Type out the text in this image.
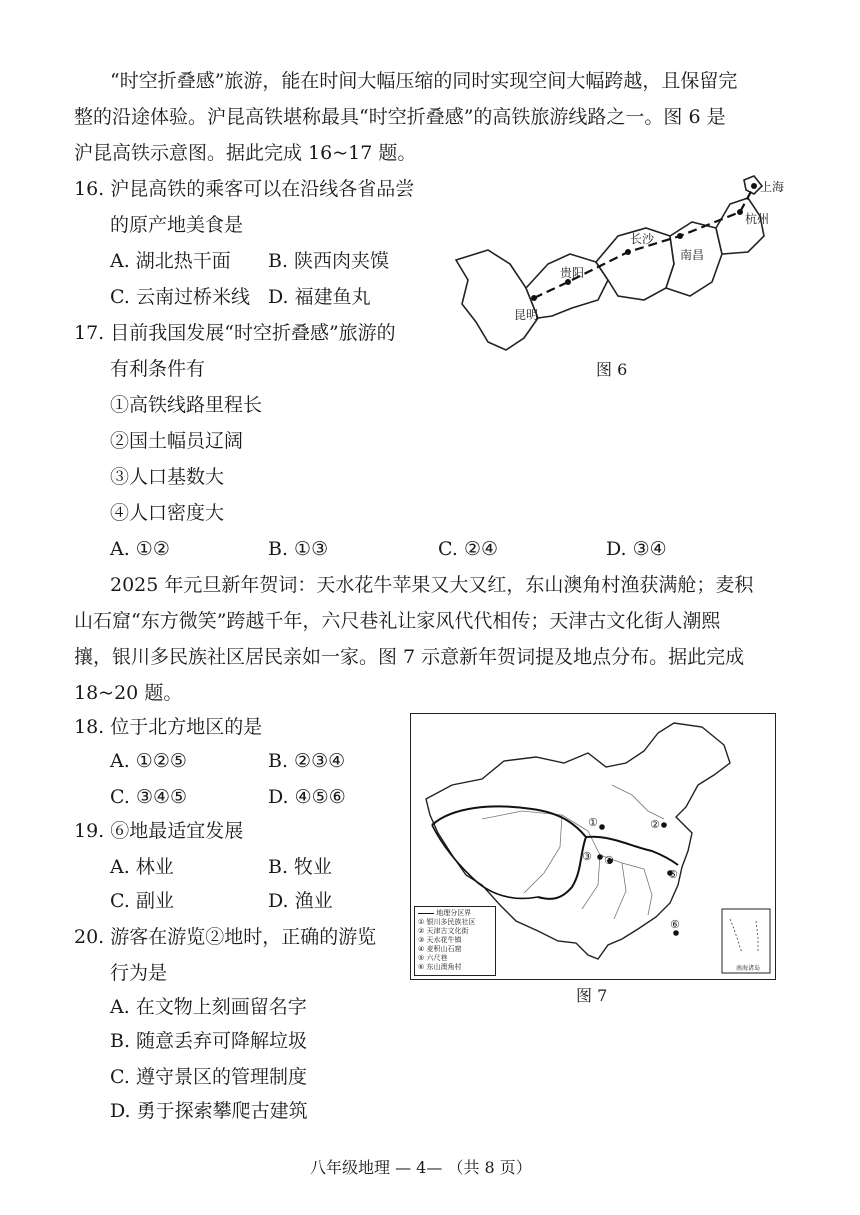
“时空折叠感”旅游，能在时间大幅压缩的同时实现空间大幅跨越，且保留完
整的沿途体验。沪昆高铁堪称最具“时空折叠感”的高铁旅游线路之一。图 6 是
沪昆高铁示意图。据此完成 16~17 题。
16. 沪昆高铁的乘客可以在沿线各省品尝
的原产地美食是
A. 湖北热干面 B. 陕西肉夹馍
C. 云南过桥米线 D. 福建鱼丸
上海
杭州
长沙
南昌
贵阳
昆明
图 6
17. 目前我国发展“时空折叠感”旅游的
有利条件有
①高铁线路里程长
②国土幅员辽阔
③人口基数大
④人口密度大
A. ①②	B. ①③	C. ②④	D. ③④
2025 年元旦新年贺词：天水花牛苹果又大又红，东山澳角村渔获满舱；麦积
山石窟“东方微笑”跨越千年，六尺巷礼让家风代代相传；天津古文化街人潮熙
攘，银川多民族社区居民亲如一家。图 7 示意新年贺词提及地点分布。据此完成
18~20 题。
18. 位于北方地区的是
A. ①②⑤	B. ②③④
C. ③④⑤	D. ④⑤⑥
19. ⑥地最适宜发展
A. 林业	B. 牧业
C. 副业	D. 渔业
20. 游客在游览②地时，正确的游览
行为是
A. 在文物上刻画留名字
B. 随意丢弃可降解垃圾
C. 遵守景区的管理制度
D. 勇于探索攀爬古建筑
①	②
③ ④
⑤
⑥
地理分区界
① 银川多民族社区
② 天津古文化街
③ 天水花牛镇
④ 麦积山石窟
⑤ 六尺巷
⑥ 东山澳角村	南海诸岛
图 7
八年级地理 — 4— （共 8 页）
